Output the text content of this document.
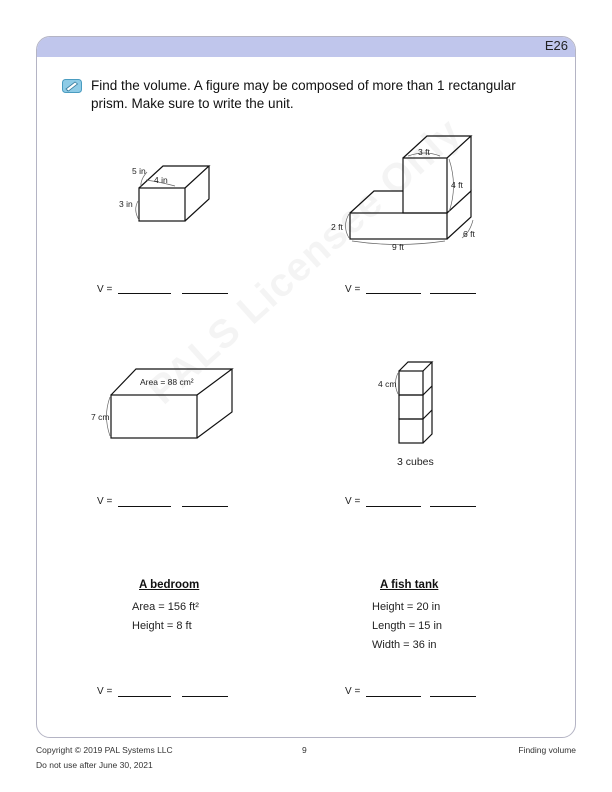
E26
Find the volume. A figure may be composed of more than 1 rectangular prism. Make sure to write the unit.
5 in
4 in
3 in
3 ft
4 ft
2 ft
9 ft
6 ft
Area = 88 cm²
7 cm
4 cm
3 cubes
V =	V =
V =	V =
A bedroom
Area = 156 ft²
Height = 8 ft
A fish tank
Height = 20 in
Length = 15 in
Width = 36 in
V =	V =
Copyright © 2019 PAL Systems LLC
Do not use after June 30, 2021
9	Finding volume
